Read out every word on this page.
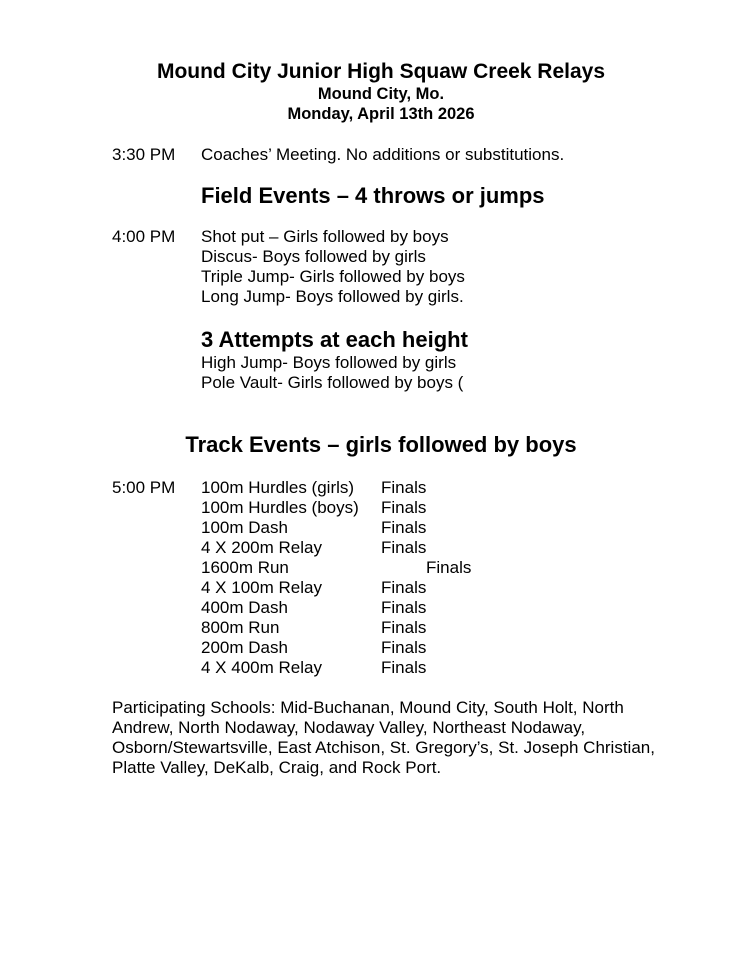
Mound City Junior High Squaw Creek Relays
Mound City, Mo.
Monday, April 13th 2026
3:30 PM Coaches’ Meeting. No additions or substitutions.
Field Events – 4 throws or jumps
4:00 PM Shot put – Girls followed by boys
Discus- Boys followed by girls
Triple Jump- Girls followed by boys
Long Jump- Boys followed by girls.
3 Attempts at each height
High Jump- Boys followed by girls
Pole Vault- Girls followed by boys (
Track Events – girls followed by boys
5:00 PM 100m Hurdles (girls) Finals
100m Hurdles (boys) Finals
100m Dash	Finals
4 X 200m Relay	Finals
1600m Run	Finals
4 X 100m Relay	Finals
400m Dash	Finals
800m Run	Finals
200m Dash	Finals
4 X 400m Relay	Finals
Participating Schools: Mid-Buchanan, Mound City, South Holt, North Andrew, North Nodaway, Nodaway Valley, Northeast Nodaway, Osborn/Stewartsville, East Atchison, St. Gregory’s, St. Joseph Christian, Platte Valley, DeKalb, Craig, and Rock Port.
